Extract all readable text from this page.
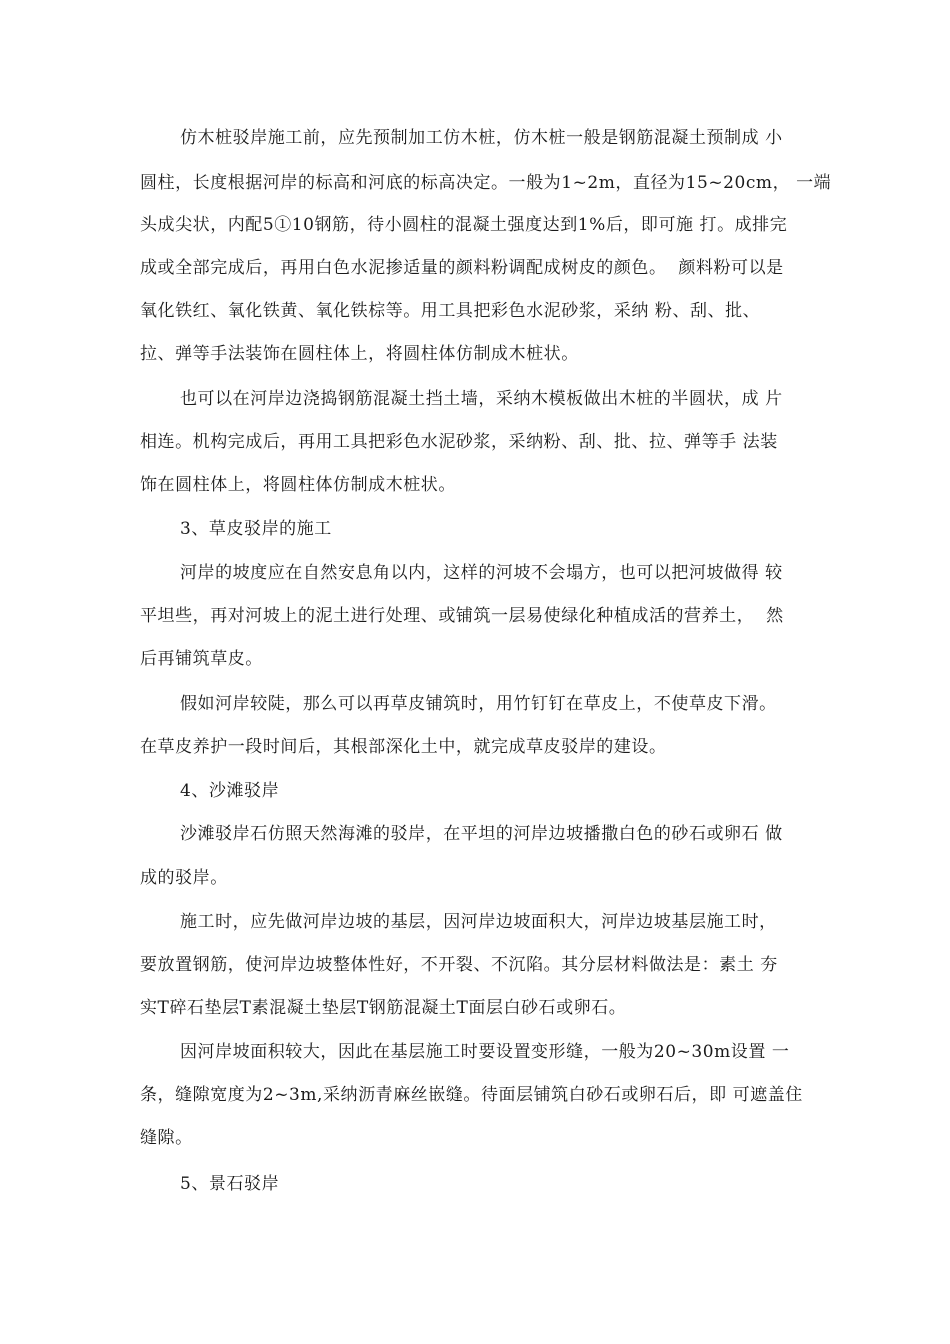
仿木桩驳岸施工前，应先预制加工仿木桩，仿木桩一般是钢筋混凝土预制成 小
圆柱，长度根据河岸的标高和河底的标高决定。一般为1~2m，直径为15~20cm， 一端
头成尖状，内配5①10钢筋，待小圆柱的混凝土强度达到1%后，即可施 打。成排完
成或全部完成后，再用白色水泥掺适量的颜料粉调配成树皮的颜色。  颜料粉可以是
氧化铁红、氧化铁黄、氧化铁棕等。用工具把彩色水泥砂浆，采纳 粉、刮、批、
拉、弹等手法装饰在圆柱体上，将圆柱体仿制成木桩状。
也可以在河岸边浇捣钢筋混凝土挡土墙，采纳木模板做出木桩的半圆状，成 片
相连。机构完成后，再用工具把彩色水泥砂浆，采纳粉、刮、批、拉、弹等手 法装
饰在圆柱体上，将圆柱体仿制成木桩状。
3、草皮驳岸的施工
河岸的坡度应在自然安息角以内，这样的河坡不会塌方，也可以把河坡做得 较
平坦些，再对河坡上的泥土进行处理、或铺筑一层易使绿化种植成活的营养土，  然
后再铺筑草皮。
假如河岸较陡，那么可以再草皮铺筑时，用竹钉钉在草皮上，不使草皮下滑。
在草皮养护一段时间后，其根部深化土中，就完成草皮驳岸的建设。
4、沙滩驳岸
沙滩驳岸石仿照天然海滩的驳岸，在平坦的河岸边坡播撒白色的砂石或卵石 做
成的驳岸。
施工时，应先做河岸边坡的基层，因河岸边坡面积大，河岸边坡基层施工时，
要放置钢筋，使河岸边坡整体性好，不开裂、不沉陷。其分层材料做法是：素土 夯
实T碎石垫层T素混凝土垫层T钢筋混凝土T面层白砂石或卵石。
因河岸坡面积较大，因此在基层施工时要设置变形缝，一般为20~30m设置 一
条，缝隙宽度为2~3m,采纳沥青麻丝嵌缝。待面层铺筑白砂石或卵石后，即 可遮盖住
缝隙。
5、景石驳岸
